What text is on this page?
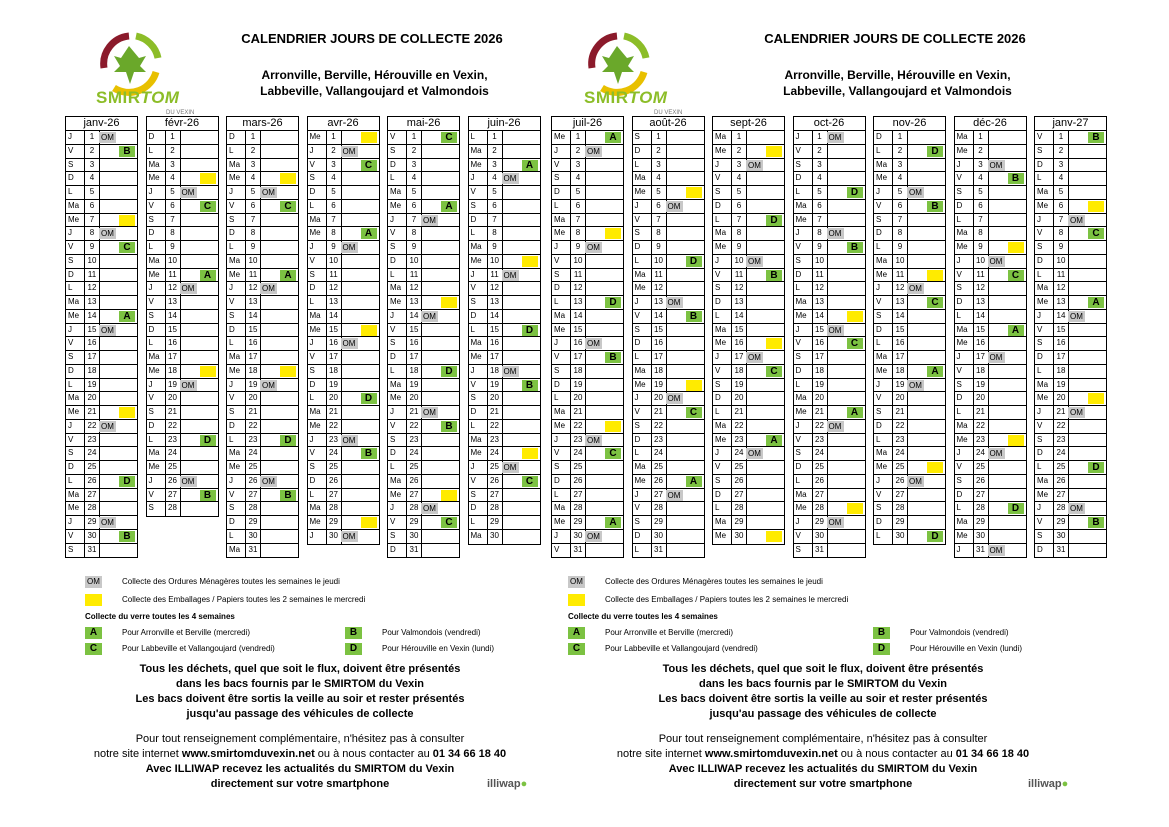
SMIRTOM
DU VEXIN
CALENDRIER JOURS DE COLLECTE 2026
Arronville, Berville, Hérouville en Vexin,
Labbeville, Vallangoujard et Valmondois
janv-26
J	1 OM
V	2	B
S	3
D	4
L	5
Ma	6
Me	7
J	8 OM
V	9	C
S	10
D	11
L	12
Ma	13
Me	14	A
J	15 OM
V	16
S	17
D	18
L	19
Ma	20
Me	21
J	22 OM
V	23
S	24
D	25
L	26	D
Ma	27
Me	28
J	29 OM
V	30	B
S	31
févr-26
D	1
L	2
Ma	3
Me	4
J	5 OM
V	6	C
S	7
D	8
L	9
Ma	10
Me	11	A
J	12 OM
V	13
S	14
D	15
L	16
Ma	17
Me	18
J	19 OM
V	20
S	21
D	22
L	23	D
Ma	24
Me	25
J	26 OM
V	27	B
S	28
mars-26
D	1
L	2
Ma	3
Me	4
J	5 OM
V	6	C
S	7
D	8
L	9
Ma	10
Me	11	A
J	12 OM
V	13
S	14
D	15
L	16
Ma	17
Me	18
J	19 OM
V	20
S	21
D	22
L	23	D
Ma	24
Me	25
J	26 OM
V	27	B
S	28
D	29
L	30
Ma	31
avr-26
Me	1
J	2 OM
V	3	C
S	4
D	5
L	6
Ma	7
Me	8	A
J	9 OM
V	10
S	11
D	12
L	13
Ma	14
Me	15
J	16 OM
V	17
S	18
D	19
L	20	D
Ma	21
Me	22
J	23 OM
V	24	B
S	25
D	26
L	27
Ma	28
Me	29
J	30 OM
mai-26
V	1	C
S	2
D	3
L	4
Ma	5
Me	6	A
J	7 OM
V	8
S	9
D	10
L	11
Ma	12
Me	13
J	14 OM
V	15
S	16
D	17
L	18	D
Ma	19
Me	20
J	21 OM
V	22	B
S	23
D	24
L	25
Ma	26
Me	27
J	28 OM
V	29	C
S	30
D	31
juin-26
L	1
Ma	2
Me	3	A
J	4 OM
V	5
S	6
D	7
L	8
Ma	9
Me	10
J	11 OM
V	12
S	13
D	14
L	15	D
Ma	16
Me	17
J	18 OM
V	19	B
S	20
D	21
L	22
Ma	23
Me	24
J	25 OM
V	26	C
S	27
D	28
L	29
Ma	30
OM	Collecte des Ordures Ménagères toutes les semaines le jeudi
Collecte des Emballages / Papiers toutes les 2 semaines le mercredi
Collecte du verre toutes les 4 semaines
A	Pour Arronville et Berville (mercredi)	B	Pour Valmondois (vendredi)
C	Pour Labbeville et Vallangoujard (vendredi)	D	Pour Hérouville en Vexin (lundi)
Tous les déchets, quel que soit le flux, doivent être présentés
dans les bacs fournis par le SMIRTOM du Vexin
Les bacs doivent être sortis la veille au soir et rester présentés
jusqu'au passage des véhicules de collecte
Pour tout renseignement complémentaire, n'hésitez pas à consulter
notre site internet www.smirtomduvexin.net ou à nous contacter au 01 34 66 18 40
Avec ILLIWAP recevez les actualités du SMIRTOM du Vexin
directement sur votre smartphone	illiwap●
SMIRTOM
DU VEXIN
CALENDRIER JOURS DE COLLECTE 2026
Arronville, Berville, Hérouville en Vexin,
Labbeville, Vallangoujard et Valmondois
juil-26
Me	1	A
J	2 OM
V	3
S	4
D	5
L	6
Ma	7
Me	8
J	9 OM
V	10
S	11
D	12
L	13	D
Ma	14
Me	15
J	16 OM
V	17	B
S	18
D	19
L	20
Ma	21
Me	22
J	23 OM
V	24	C
S	25
D	26
L	27
Ma	28
Me	29	A
J	30 OM
V	31
août-26
S	1
D	2
L	3
Ma	4
Me	5
J	6 OM
V	7
S	8
D	9
L	10	D
Ma	11
Me	12
J	13 OM
V	14	B
S	15
D	16
L	17
Ma	18
Me	19
J	20 OM
V	21	C
S	22
D	23
L	24
Ma	25
Me	26	A
J	27 OM
V	28
S	29
D	30
L	31
sept-26
Ma	1
Me	2
J	3 OM
V	4
S	5
D	6
L	7	D
Ma	8
Me	9
J	10 OM
V	11	B
S	12
D	13
L	14
Ma	15
Me	16
J	17 OM
V	18	C
S	19
D	20
L	21
Ma	22
Me	23	A
J	24 OM
V	25
S	26
D	27
L	28
Ma	29
Me	30
oct-26
J	1 OM
V	2
S	3
D	4
L	5	D
Ma	6
Me	7
J	8 OM
V	9	B
S	10
D	11
L	12
Ma	13
Me	14
J	15 OM
V	16	C
S	17
D	18
L	19
Ma	20
Me	21	A
J	22 OM
V	23
S	24
D	25
L	26
Ma	27
Me	28
J	29 OM
V	30
S	31
nov-26
D	1
L	2	D
Ma	3
Me	4
J	5 OM
V	6	B
S	7
D	8
L	9
Ma	10
Me	11
J	12 OM
V	13	C
S	14
D	15
L	16
Ma	17
Me	18	A
J	19 OM
V	20
S	21
D	22
L	23
Ma	24
Me	25
J	26 OM
V	27
S	28
D	29
L	30	D
déc-26
Ma	1
Me	2
J	3 OM
V	4	B
S	5
D	6
L	7
Ma	8
Me	9
J	10 OM
V	11	C
S	12
D	13
L	14
Ma	15	A
Me	16
J	17 OM
V	18
S	19
D	20
L	21
Ma	22
Me	23
J	24 OM
V	25
S	26
D	27
L	28	D
Ma	29
Me	30
J	31 OM
janv-27
V	1	B
S	2
D	3
L	4
Ma	5
Me	6
J	7 OM
V	8	C
S	9
D	10
L	11
Ma	12
Me	13	A
J	14 OM
V	15
S	16
D	17
L	18
Ma	19
Me	20
J	21 OM
V	22
S	23
D	24
L	25	D
Ma	26
Me	27
J	28 OM
V	29	B
S	30
D	31
OM	Collecte des Ordures Ménagères toutes les semaines le jeudi
Collecte des Emballages / Papiers toutes les 2 semaines le mercredi
Collecte du verre toutes les 4 semaines
A	Pour Arronville et Berville (mercredi)	B	Pour Valmondois (vendredi)
C	Pour Labbeville et Vallangoujard (vendredi)	D	Pour Hérouville en Vexin (lundi)
Tous les déchets, quel que soit le flux, doivent être présentés
dans les bacs fournis par le SMIRTOM du Vexin
Les bacs doivent être sortis la veille au soir et rester présentés
jusqu'au passage des véhicules de collecte
Pour tout renseignement complémentaire, n'hésitez pas à consulter
notre site internet www.smirtomduvexin.net ou à nous contacter au 01 34 66 18 40
Avec ILLIWAP recevez les actualités du SMIRTOM du Vexin
directement sur votre smartphone	illiwap●
